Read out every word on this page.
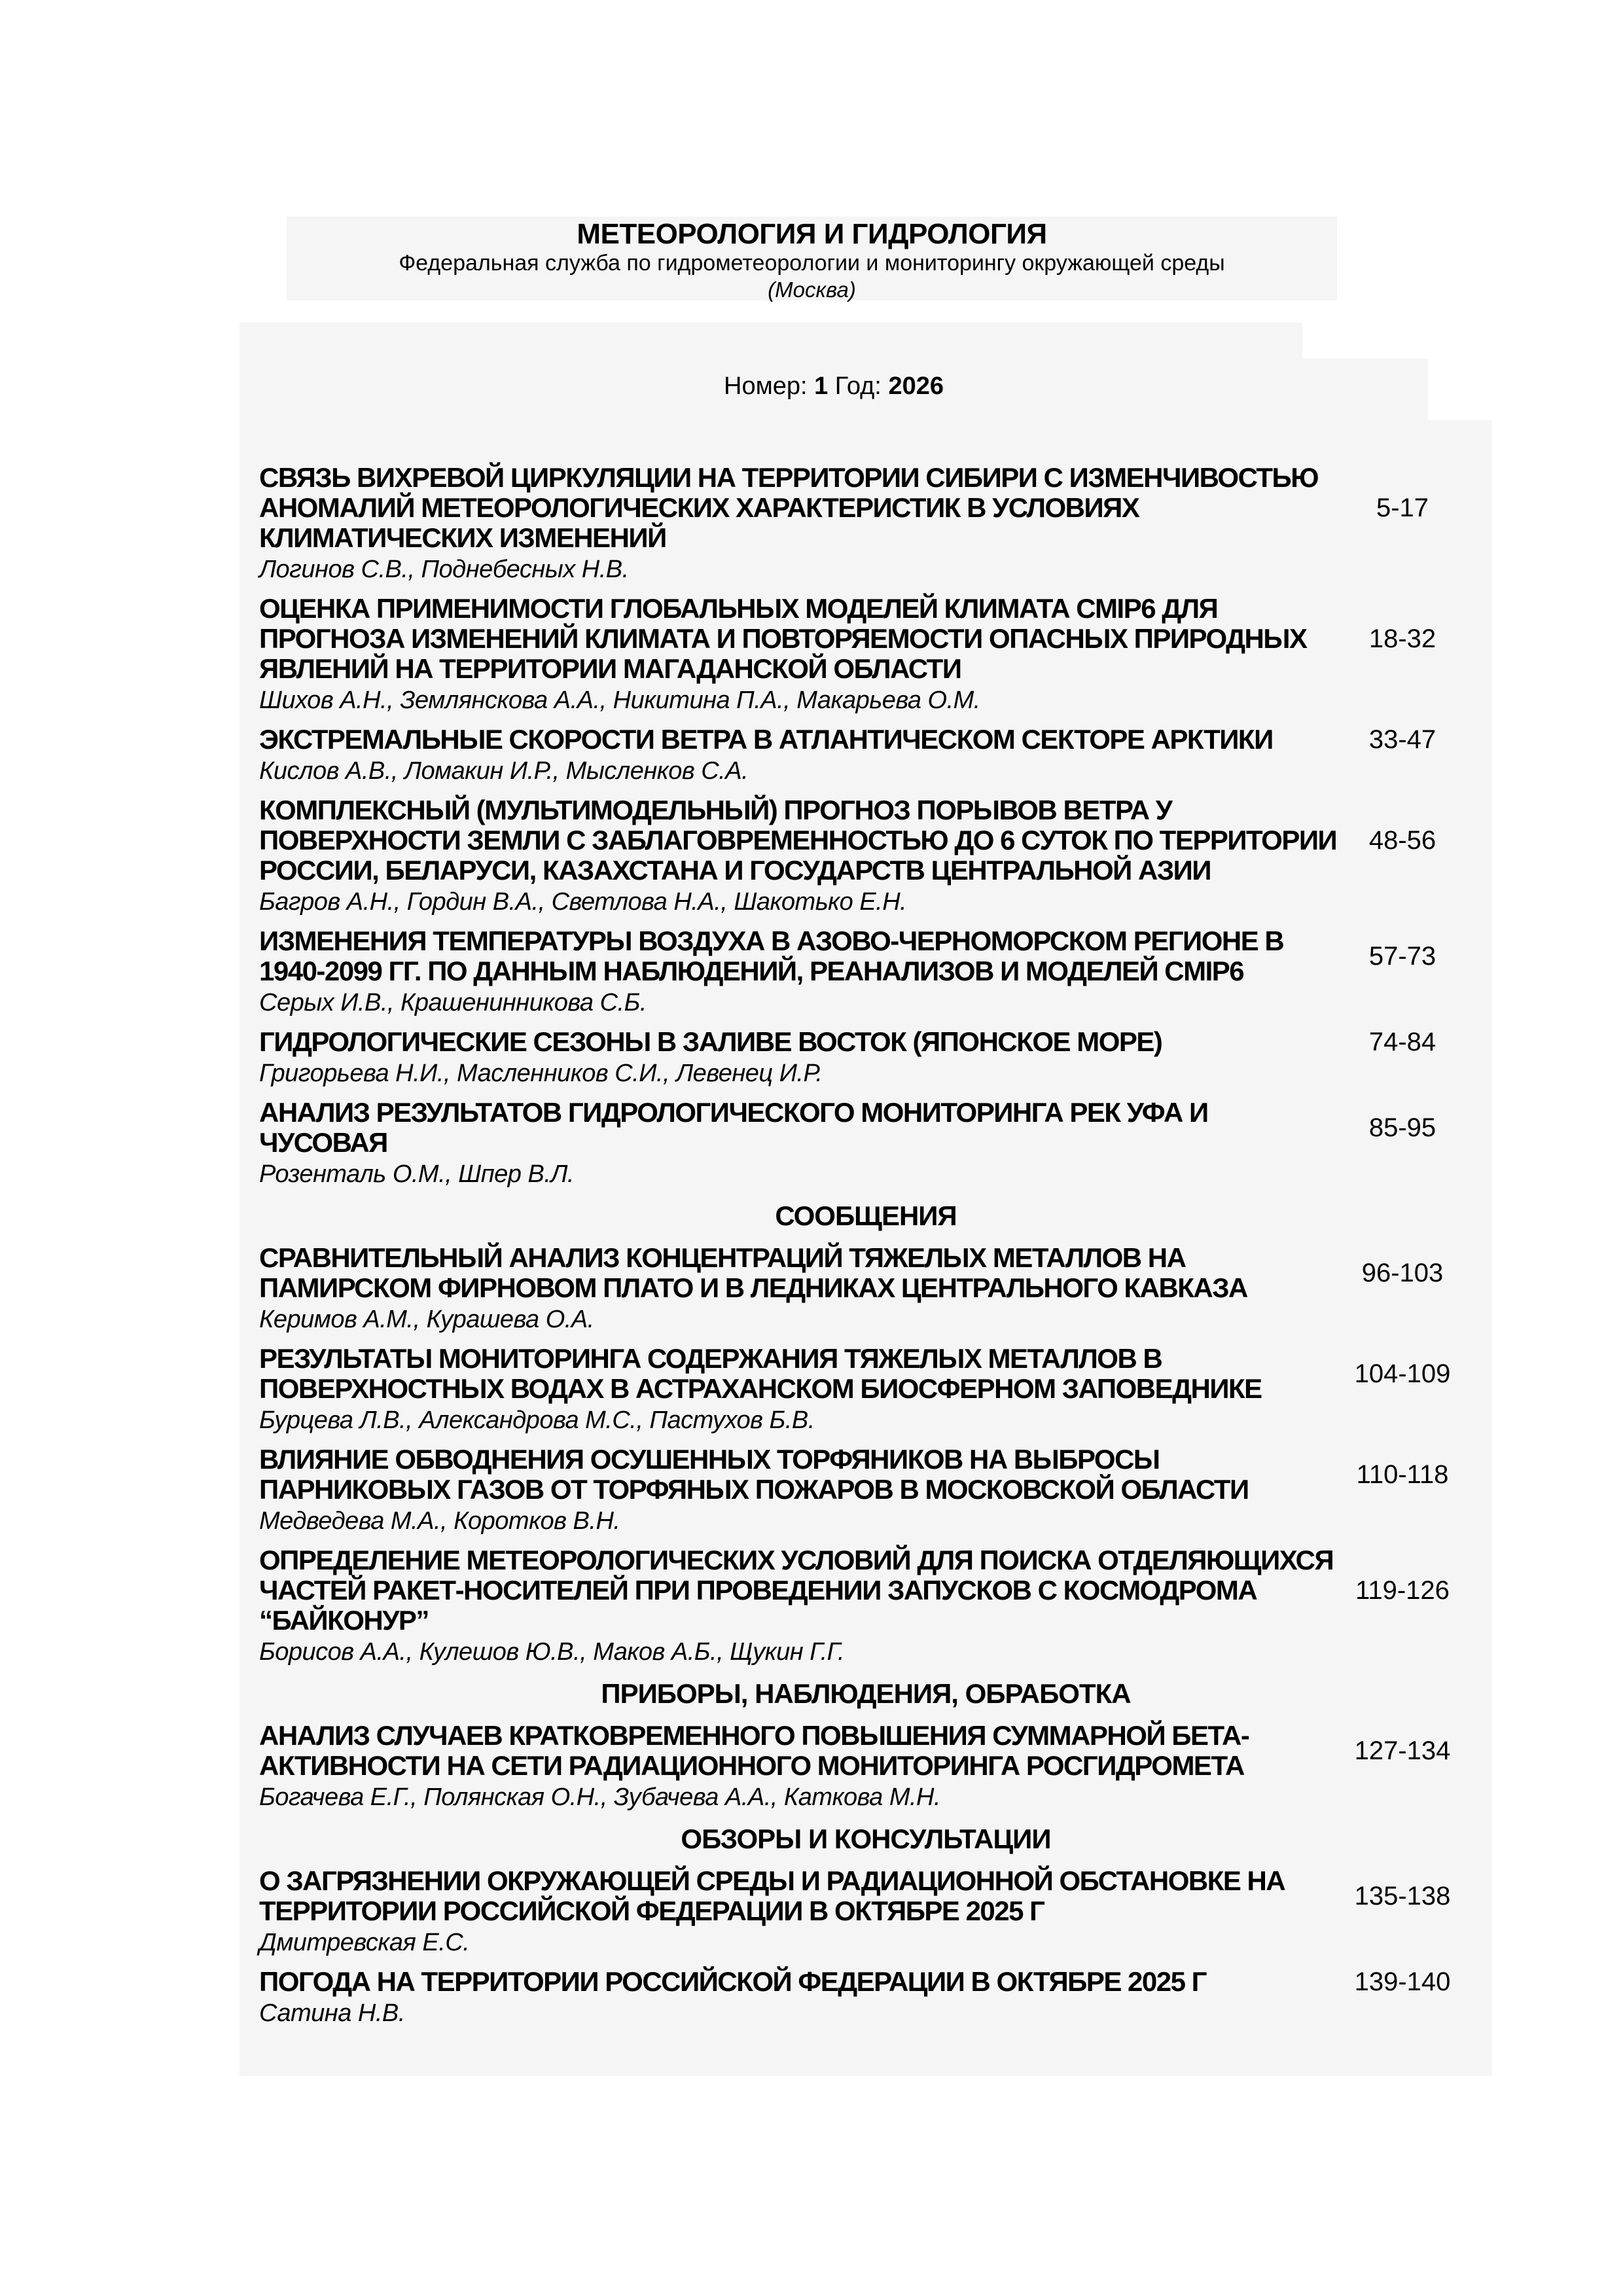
МЕТЕОРОЛОГИЯ И ГИДРОЛОГИЯ
Федеральная служба по гидрометеорологии и мониторингу окружающей среды
(Москва)
Номер: 1 Год: 2026
СВЯЗЬ ВИХРЕВОЙ ЦИРКУЛЯЦИИ НА ТЕРРИТОРИИ СИБИРИ С ИЗМЕНЧИВОСТЬЮ АНОМАЛИЙ МЕТЕОРОЛОГИЧЕСКИХ ХАРАКТЕРИСТИК В УСЛОВИЯХ КЛИМАТИЧЕСКИХ ИЗМЕНЕНИЙ
Логинов С.В., Поднебесных Н.В.
5-17
ОЦЕНКА ПРИМЕНИМОСТИ ГЛОБАЛЬНЫХ МОДЕЛЕЙ КЛИМАТА CMIP6 ДЛЯ ПРОГНОЗА ИЗМЕНЕНИЙ КЛИМАТА И ПОВТОРЯЕМОСТИ ОПАСНЫХ ПРИРОДНЫХ ЯВЛЕНИЙ НА ТЕРРИТОРИИ МАГАДАНСКОЙ ОБЛАСТИ
Шихов А.Н., Землянскова А.А., Никитина П.А., Макарьева О.М.
18-32
ЭКСТРЕМАЛЬНЫЕ СКОРОСТИ ВЕТРА В АТЛАНТИЧЕСКОМ СЕКТОРЕ АРКТИКИ
Кислов А.В., Ломакин И.Р., Мысленков С.А.
33-47
КОМПЛЕКСНЫЙ (МУЛЬТИМОДЕЛЬНЫЙ) ПРОГНОЗ ПОРЫВОВ ВЕТРА У ПОВЕРХНОСТИ ЗЕМЛИ С ЗАБЛАГОВРЕМЕННОСТЬЮ ДО 6 СУТОК ПО ТЕРРИТОРИИ РОССИИ, БЕЛАРУСИ, КАЗАХСТАНА И ГОСУДАРСТВ ЦЕНТРАЛЬНОЙ АЗИИ
Багров А.Н., Гордин В.А., Светлова Н.А., Шакотько Е.Н.
48-56
ИЗМЕНЕНИЯ ТЕМПЕРАТУРЫ ВОЗДУХА В АЗОВО-ЧЕРНОМОРСКОМ РЕГИОНЕ В 1940-2099 ГГ. ПО ДАННЫМ НАБЛЮДЕНИЙ, РЕАНАЛИЗОВ И МОДЕЛЕЙ CMIP6
Серых И.В., Крашенинникова С.Б.
57-73
ГИДРОЛОГИЧЕСКИЕ СЕЗОНЫ В ЗАЛИВЕ ВОСТОК (ЯПОНСКОЕ МОРЕ)
Григорьева Н.И., Масленников С.И., Левенец И.Р.
74-84
АНАЛИЗ РЕЗУЛЬТАТОВ ГИДРОЛОГИЧЕСКОГО МОНИТОРИНГА РЕК УФА И ЧУСОВАЯ
Розенталь О.М., Шпер В.Л.
85-95
СООБЩЕНИЯ
СРАВНИТЕЛЬНЫЙ АНАЛИЗ КОНЦЕНТРАЦИЙ ТЯЖЕЛЫХ МЕТАЛЛОВ НА ПАМИРСКОМ ФИРНОВОМ ПЛАТО И В ЛЕДНИКАХ ЦЕНТРАЛЬНОГО КАВКАЗА
Керимов А.М., Курашева О.А.
96-103
РЕЗУЛЬТАТЫ МОНИТОРИНГА СОДЕРЖАНИЯ ТЯЖЕЛЫХ МЕТАЛЛОВ В ПОВЕРХНОСТНЫХ ВОДАХ В АСТРАХАНСКОМ БИОСФЕРНОМ ЗАПОВЕДНИКЕ
Бурцева Л.В., Александрова М.С., Пастухов Б.В.
104-109
ВЛИЯНИЕ ОБВОДНЕНИЯ ОСУШЕННЫХ ТОРФЯНИКОВ НА ВЫБРОСЫ ПАРНИКОВЫХ ГАЗОВ ОТ ТОРФЯНЫХ ПОЖАРОВ В МОСКОВСКОЙ ОБЛАСТИ
Медведева М.А., Коротков В.Н.
110-118
ОПРЕДЕЛЕНИЕ МЕТЕОРОЛОГИЧЕСКИХ УСЛОВИЙ ДЛЯ ПОИСКА ОТДЕЛЯЮЩИХСЯ ЧАСТЕЙ РАКЕТ-НОСИТЕЛЕЙ ПРИ ПРОВЕДЕНИИ ЗАПУСКОВ С КОСМОДРОМА “БАЙКОНУР”
Борисов А.А., Кулешов Ю.В., Маков А.Б., Щукин Г.Г.
119-126
ПРИБОРЫ, НАБЛЮДЕНИЯ, ОБРАБОТКА
АНАЛИЗ СЛУЧАЕВ КРАТКОВРЕМЕННОГО ПОВЫШЕНИЯ СУММАРНОЙ БЕТА-АКТИВНОСТИ НА СЕТИ РАДИАЦИОННОГО МОНИТОРИНГА РОСГИДРОМЕТА
Богачева Е.Г., Полянская О.Н., Зубачева А.А., Каткова М.Н.
127-134
ОБЗОРЫ И КОНСУЛЬТАЦИИ
О ЗАГРЯЗНЕНИИ ОКРУЖАЮЩЕЙ СРЕДЫ И РАДИАЦИОННОЙ ОБСТАНОВКЕ НА ТЕРРИТОРИИ РОССИЙСКОЙ ФЕДЕРАЦИИ В ОКТЯБРЕ 2025 Г
Дмитревская Е.С.
135-138
ПОГОДА НА ТЕРРИТОРИИ РОССИЙСКОЙ ФЕДЕРАЦИИ В ОКТЯБРЕ 2025 Г
Сатина Н.В.
139-140
